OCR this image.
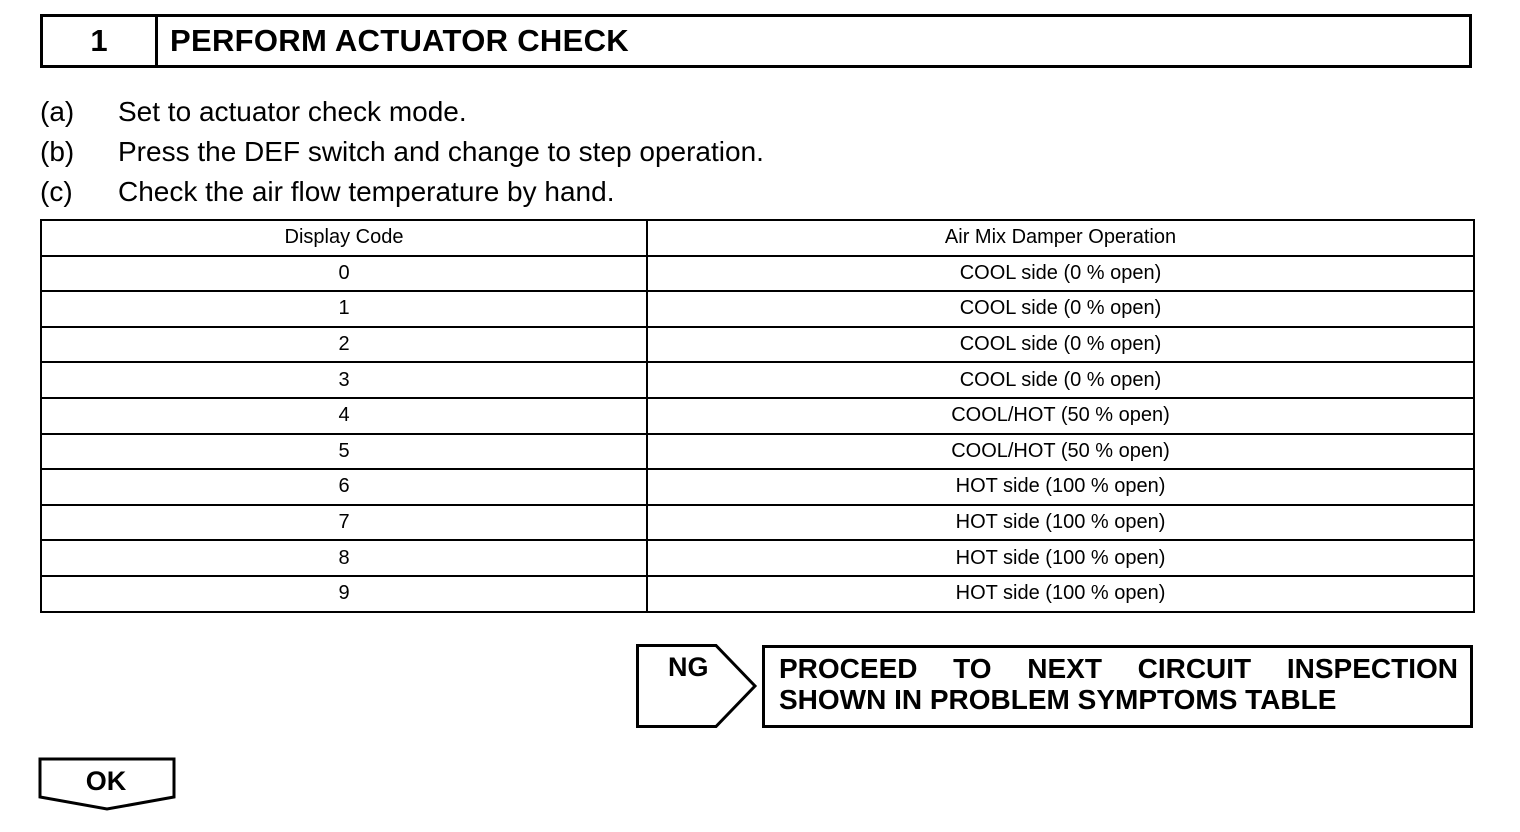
1	PERFORM ACTUATOR CHECK
(a)	Set to actuator check mode.
(b)	Press the DEF switch and change to step operation.
(c)	Check the air flow temperature by hand.
Display Code	Air Mix Damper Operation
0	COOL side (0 % open)
1	COOL side (0 % open)
2	COOL side (0 % open)
3	COOL side (0 % open)
4	COOL/HOT (50 % open)
5	COOL/HOT (50 % open)
6	HOT side (100 % open)
7	HOT side (100 % open)
8	HOT side (100 % open)
9	HOT side (100 % open)
NG	PROCEED TO NEXT CIRCUIT INSPECTION
SHOWN IN PROBLEM SYMPTOMS TABLE
OK
